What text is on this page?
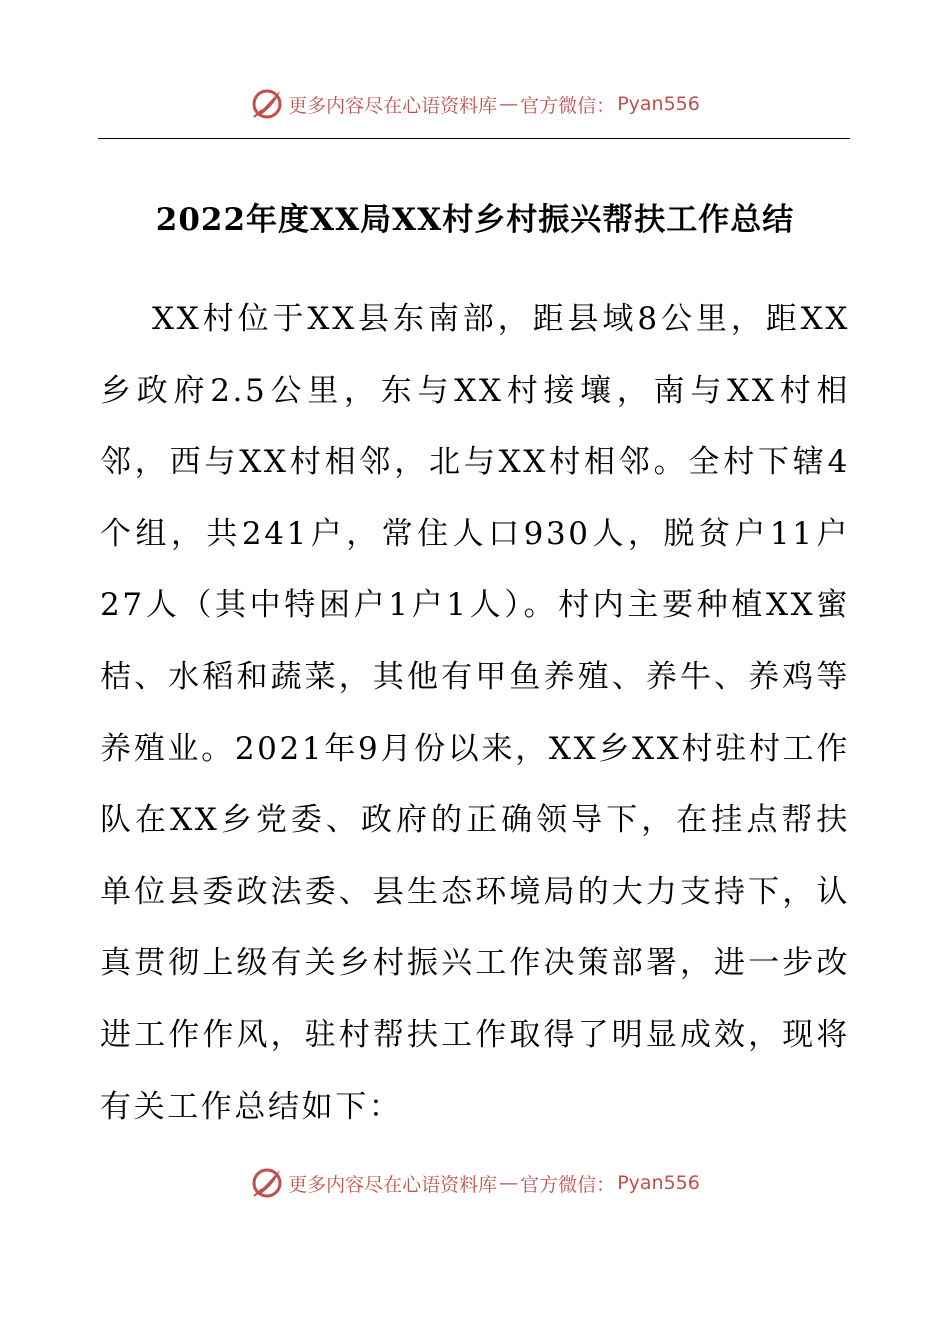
更多内容尽在心语资料库 — 官方微信： Pyan556
2022年度XX局XX村乡村振兴帮扶工作总结

XX村位于XX县东南部，距县域8公里，距XX乡政府2.5公里，东与XX村接壤，南与XX村相邻，西与XX村相邻，北与XX村相邻。全村下辖4个组，共241户，常住人口930人，脱贫户11户27人（其中特困户1户1人）。村内主要种植XX蜜桔、水稻和蔬菜，其他有甲鱼养殖、养牛、养鸡等养殖业。2021年9月份以来，XX乡XX村驻村工作队在XX乡党委、政府的正确领导下，在挂点帮扶单位县委政法委、县生态环境局的大力支持下，认真贯彻上级有关乡村振兴工作决策部署，进一步改进工作作风，驻村帮扶工作取得了明显成效，现将有关工作总结如下：

更多内容尽在心语资料库 — 官方微信： Pyan556
